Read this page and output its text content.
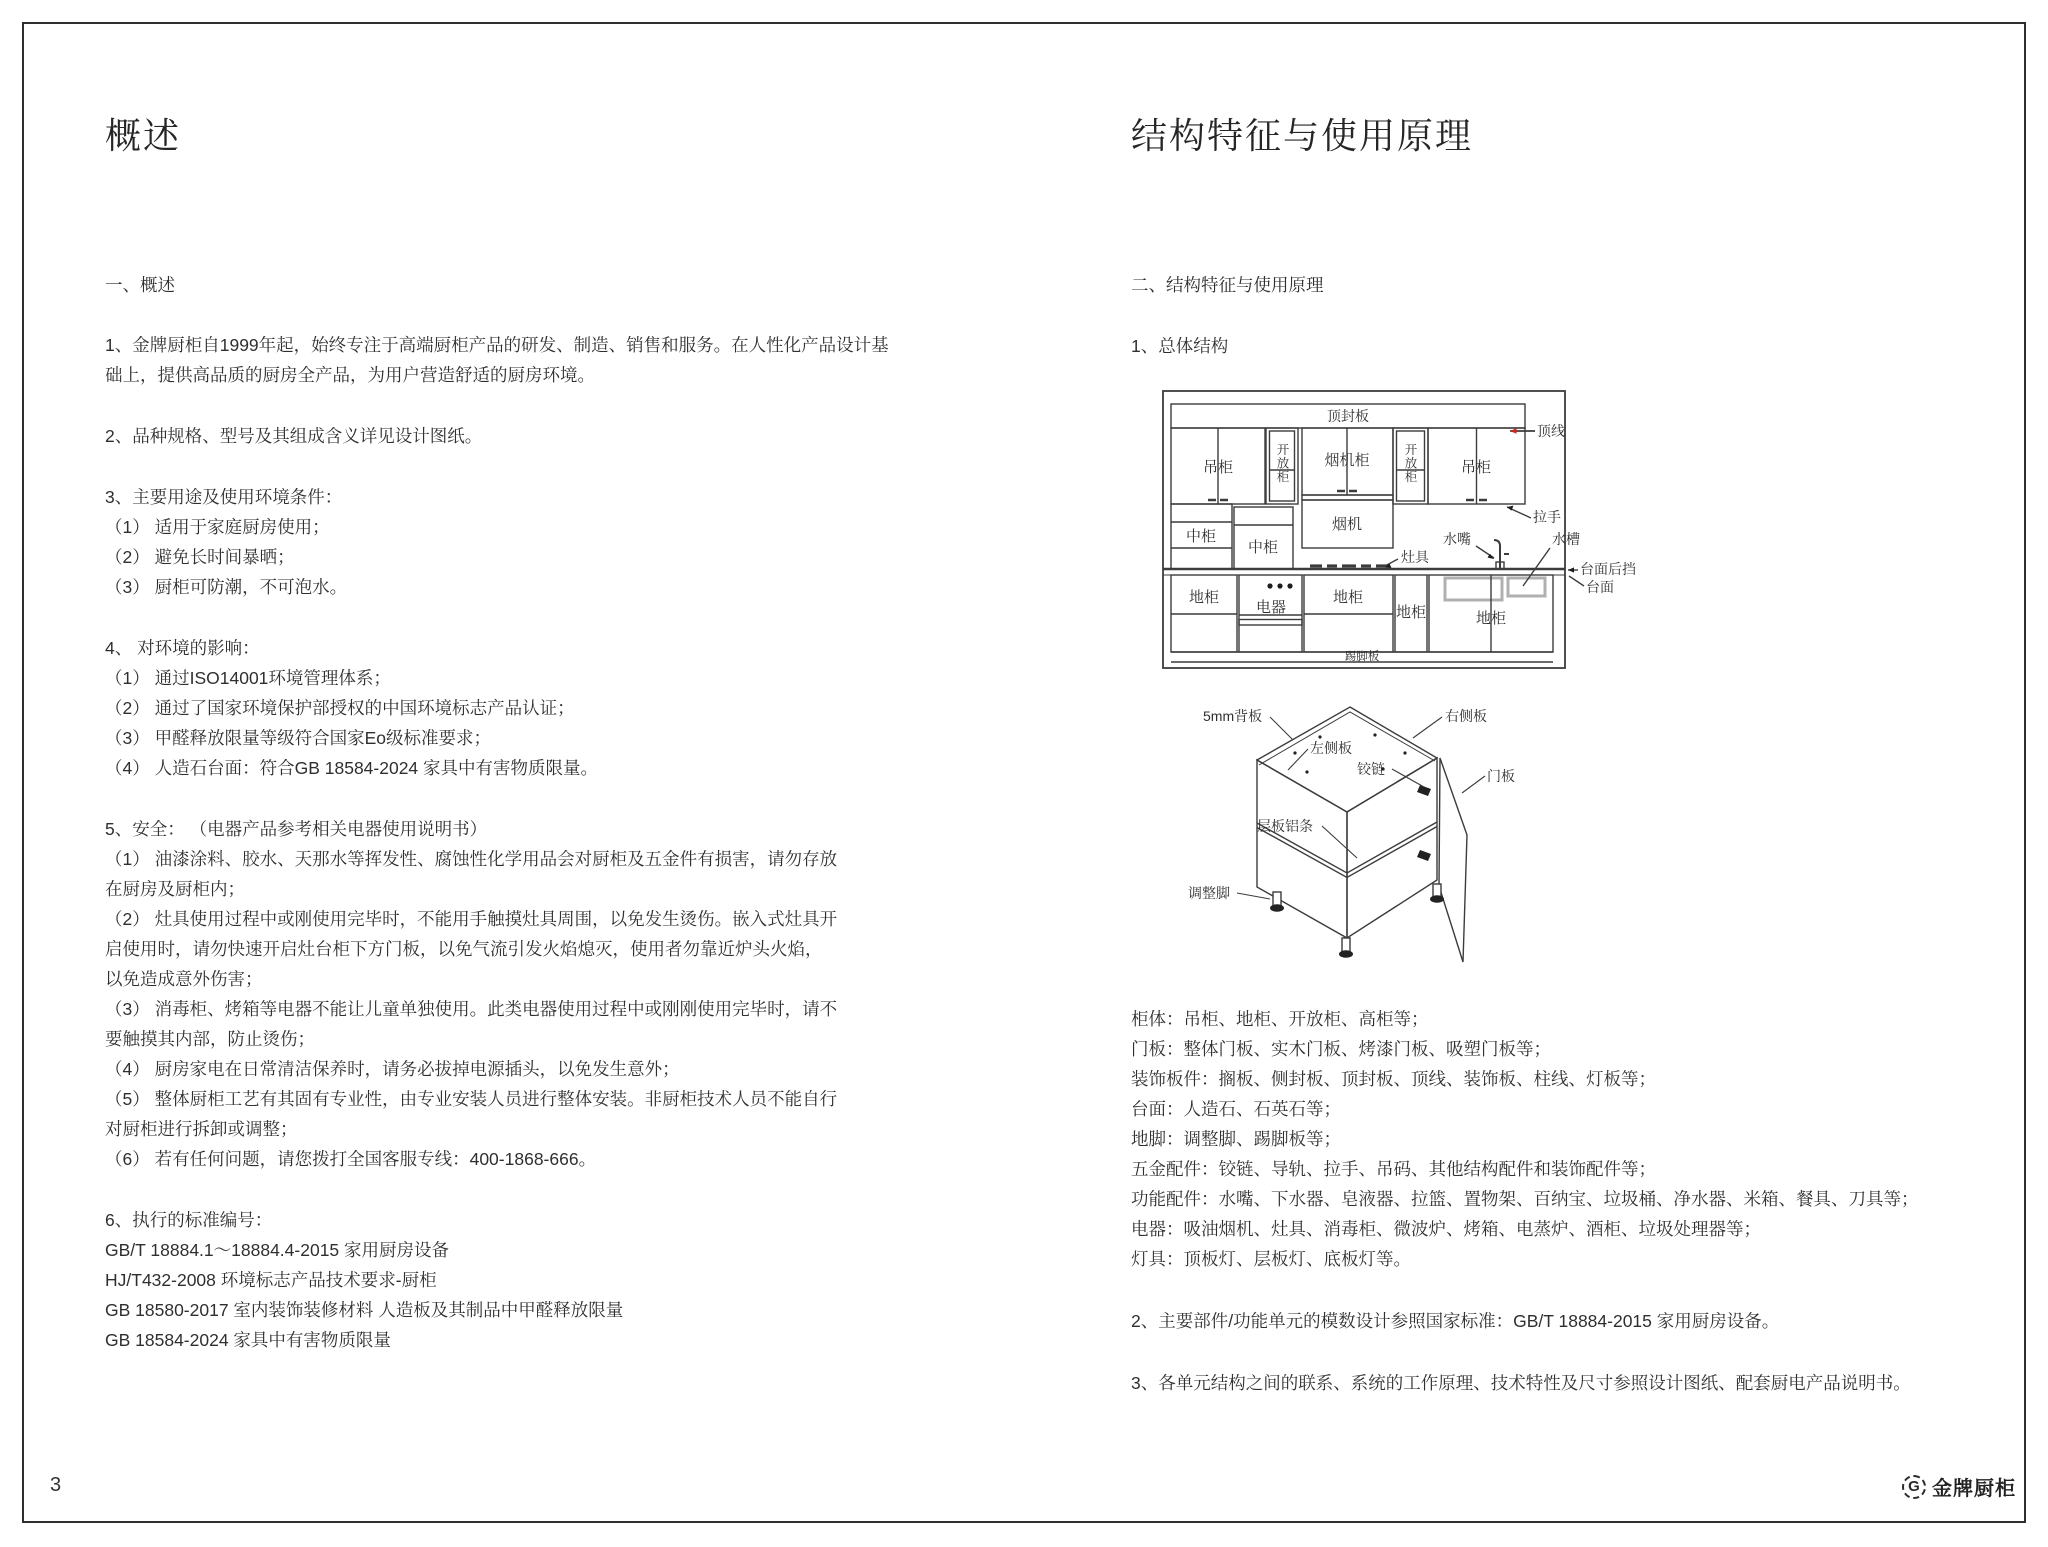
概述
一、概述
1、金牌厨柜自1999年起，始终专注于高端厨柜产品的研发、制造、销售和服务。在人性化产品设计基
础上，提供高品质的厨房全产品，为用户营造舒适的厨房环境。
2、品种规格、型号及其组成含义详见设计图纸。
3、主要用途及使用环境条件：
（1） 适用于家庭厨房使用；
（2） 避免长时间暴晒；
（3） 厨柜可防潮，不可泡水。
4、 对环境的影响：
（1） 通过ISO14001环境管理体系；
（2） 通过了国家环境保护部授权的中国环境标志产品认证；
（3） 甲醛释放限量等级符合国家Eo级标准要求；
（4） 人造石台面：符合GB 18584-2024 家具中有害物质限量。
5、安全： （电器产品参考相关电器使用说明书）
（1） 油漆涂料、胶水、天那水等挥发性、腐蚀性化学用品会对厨柜及五金件有损害，请勿存放
在厨房及厨柜内；
（2） 灶具使用过程中或刚使用完毕时，不能用手触摸灶具周围，以免发生烫伤。嵌入式灶具开
启使用时，请勿快速开启灶台柜下方门板，以免气流引发火焰熄灭，使用者勿靠近炉头火焰，
以免造成意外伤害；
（3） 消毒柜、烤箱等电器不能让儿童单独使用。此类电器使用过程中或刚刚使用完毕时，请不
要触摸其内部，防止烫伤；
（4） 厨房家电在日常清洁保养时，请务必拔掉电源插头，以免发生意外；
（5） 整体厨柜工艺有其固有专业性，由专业安装人员进行整体安装。非厨柜技术人员不能自行
对厨柜进行拆卸或调整；
（6） 若有任何问题，请您拨打全国客服专线：400-1868-666。
6、执行的标准编号：
GB/T 18884.1～18884.4-2015 家用厨房设备
HJ/T432-2008 环境标志产品技术要求-厨柜
GB 18580-2017 室内装饰装修材料 人造板及其制品中甲醛释放限量
GB 18584-2024 家具中有害物质限量
结构特征与使用原理
二、结构特征与使用原理
1、总体结构
顶封板
顶线
吊柜	开放柜 烟机柜	开放柜	吊柜
中柜
中柜
烟机	拉手
灶具
水嘴	水槽
台面后挡
台面
地柜
电器
地柜
地柜	地柜
踢脚板
5mm背板	右侧板
左侧板
铰链	门板
层板铝条
调整脚
柜体：吊柜、地柜、开放柜、高柜等；
门板：整体门板、实木门板、烤漆门板、吸塑门板等；
装饰板件：搁板、侧封板、顶封板、顶线、装饰板、柱线、灯板等；
台面：人造石、石英石等；
地脚：调整脚、踢脚板等；
五金配件：铰链、导轨、拉手、吊码、其他结构配件和装饰配件等；
功能配件：水嘴、下水器、皂液器、拉篮、置物架、百纳宝、垃圾桶、净水器、米箱、餐具、刀具等；
电器：吸油烟机、灶具、消毒柜、微波炉、烤箱、电蒸炉、酒柜、垃圾处理器等；
灯具：顶板灯、层板灯、底板灯等。
2、主要部件/功能单元的模数设计参照国家标准：GB/T 18884-2015 家用厨房设备。
3、各单元结构之间的联系、系统的工作原理、技术特性及尺寸参照设计图纸、配套厨电产品说明书。
3	G 金牌厨柜
